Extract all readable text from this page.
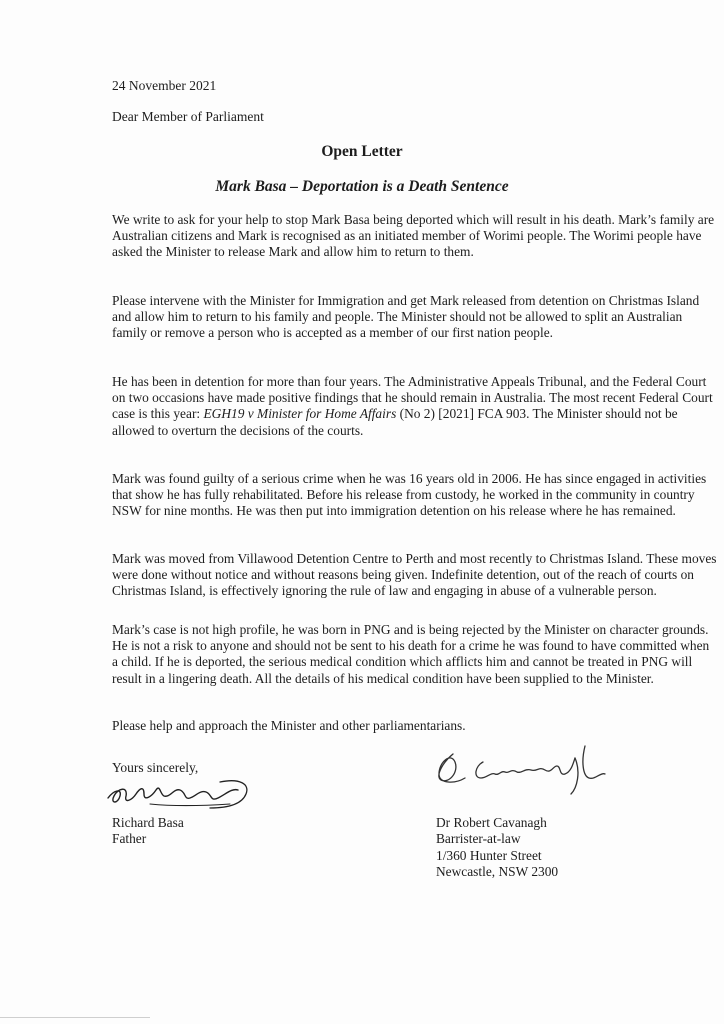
24 November 2021
Dear Member of Parliament
Open Letter
Mark Basa – Deportation is a Death Sentence

We write to ask for your help to stop Mark Basa being deported which will result in his death. Mark’s family are Australian citizens and Mark is recognised as an initiated member of Worimi people. The Worimi people have asked the Minister to release Mark and allow him to return to them.

Please intervene with the Minister for Immigration and get Mark released from detention on Christmas Island and allow him to return to his family and people. The Minister should not be allowed to split an Australian family or remove a person who is accepted as a member of our first nation people.

He has been in detention for more than four years. The Administrative Appeals Tribunal, and the Federal Court on two occasions have made positive findings that he should remain in Australia. The most recent Federal Court case is this year: EGH19 v Minister for Home Affairs (No 2) [2021] FCA 903. The Minister should not be allowed to overturn the decisions of the courts.

Mark was found guilty of a serious crime when he was 16 years old in 2006. He has since engaged in activities that show he has fully rehabilitated. Before his release from custody, he worked in the community in country NSW for nine months. He was then put into immigration detention on his release where he has remained.

Mark was moved from Villawood Detention Centre to Perth and most recently to Christmas Island. These moves were done without notice and without reasons being given. Indefinite detention, out of the reach of courts on Christmas Island, is effectively ignoring the rule of law and engaging in abuse of a vulnerable person.

Mark’s case is not high profile, he was born in PNG and is being rejected by the Minister on character grounds. He is not a risk to anyone and should not be sent to his death for a crime he was found to have committed when a child. If he is deported, the serious medical condition which afflicts him and cannot be treated in PNG will result in a lingering death. All the details of his medical condition have been supplied to the Minister.

Please help and approach the Minister and other parliamentarians.

Yours sincerely,
Richard Basa
Father
Dr Robert Cavanagh
Barrister-at-law
1/360 Hunter Street
Newcastle, NSW 2300
